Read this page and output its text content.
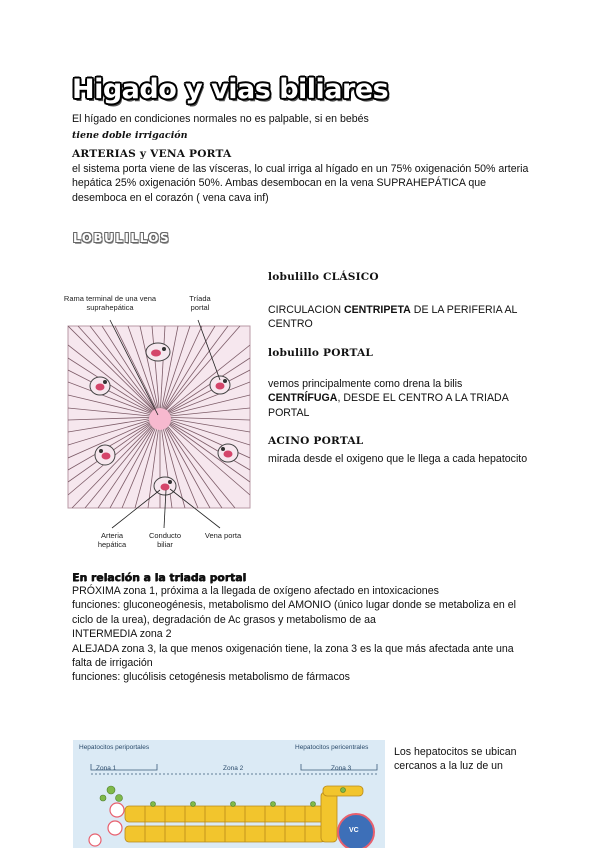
Higado y vias biliares
El hígado en condiciones normales no es palpable, si en bebés
tiene doble irrigación
ARTERIAS y VENA PORTA
el sistema porta viene de las vísceras, lo cual irriga al hígado en un 75% oxigenación 50% arteria hepática 25% oxigenación 50%. Ambas desembocan en la vena SUPRAHEPÁTICA que desemboca en el corazón ( vena cava inf)
LOBULILLOS
lobulillo CLÁSICO
CIRCULACION CENTRIPETA DE LA PERIFERIA AL CENTRO
lobulillo PORTAL
vemos principalmente como drena la bilis CENTRÍFUGA, DESDE EL CENTRO A LA TRIADA PORTAL
ACINO PORTAL
mirada desde el oxigeno que le llega a cada hepatocito
Rama terminal de una vena suprahepática
Tríada portal
Arteria hepática
Conducto biliar
Vena porta
En relación a la triada portal
PRÓXIMA zona 1, próxima a la llegada de oxígeno afectado en intoxicaciones
funciones: gluconeogénesis, metabolismo del AMONIO (único lugar donde se metaboliza en el ciclo de la urea), degradación de Ac grasos y metabolismo de aa
INTERMEDIA zona 2
ALEJADA zona 3, la que menos oxigenación tiene, la zona 3 es la que más afectada ante una falta de irrigación
funciones: glucólisis cetogénesis metabolismo de fármacos
Hepatocitos periportales	Hepatocitos pericentrales
Zona 1	Zona 2	Zona 3
VC
Los hepatocitos se ubican cercanos a la luz de un
